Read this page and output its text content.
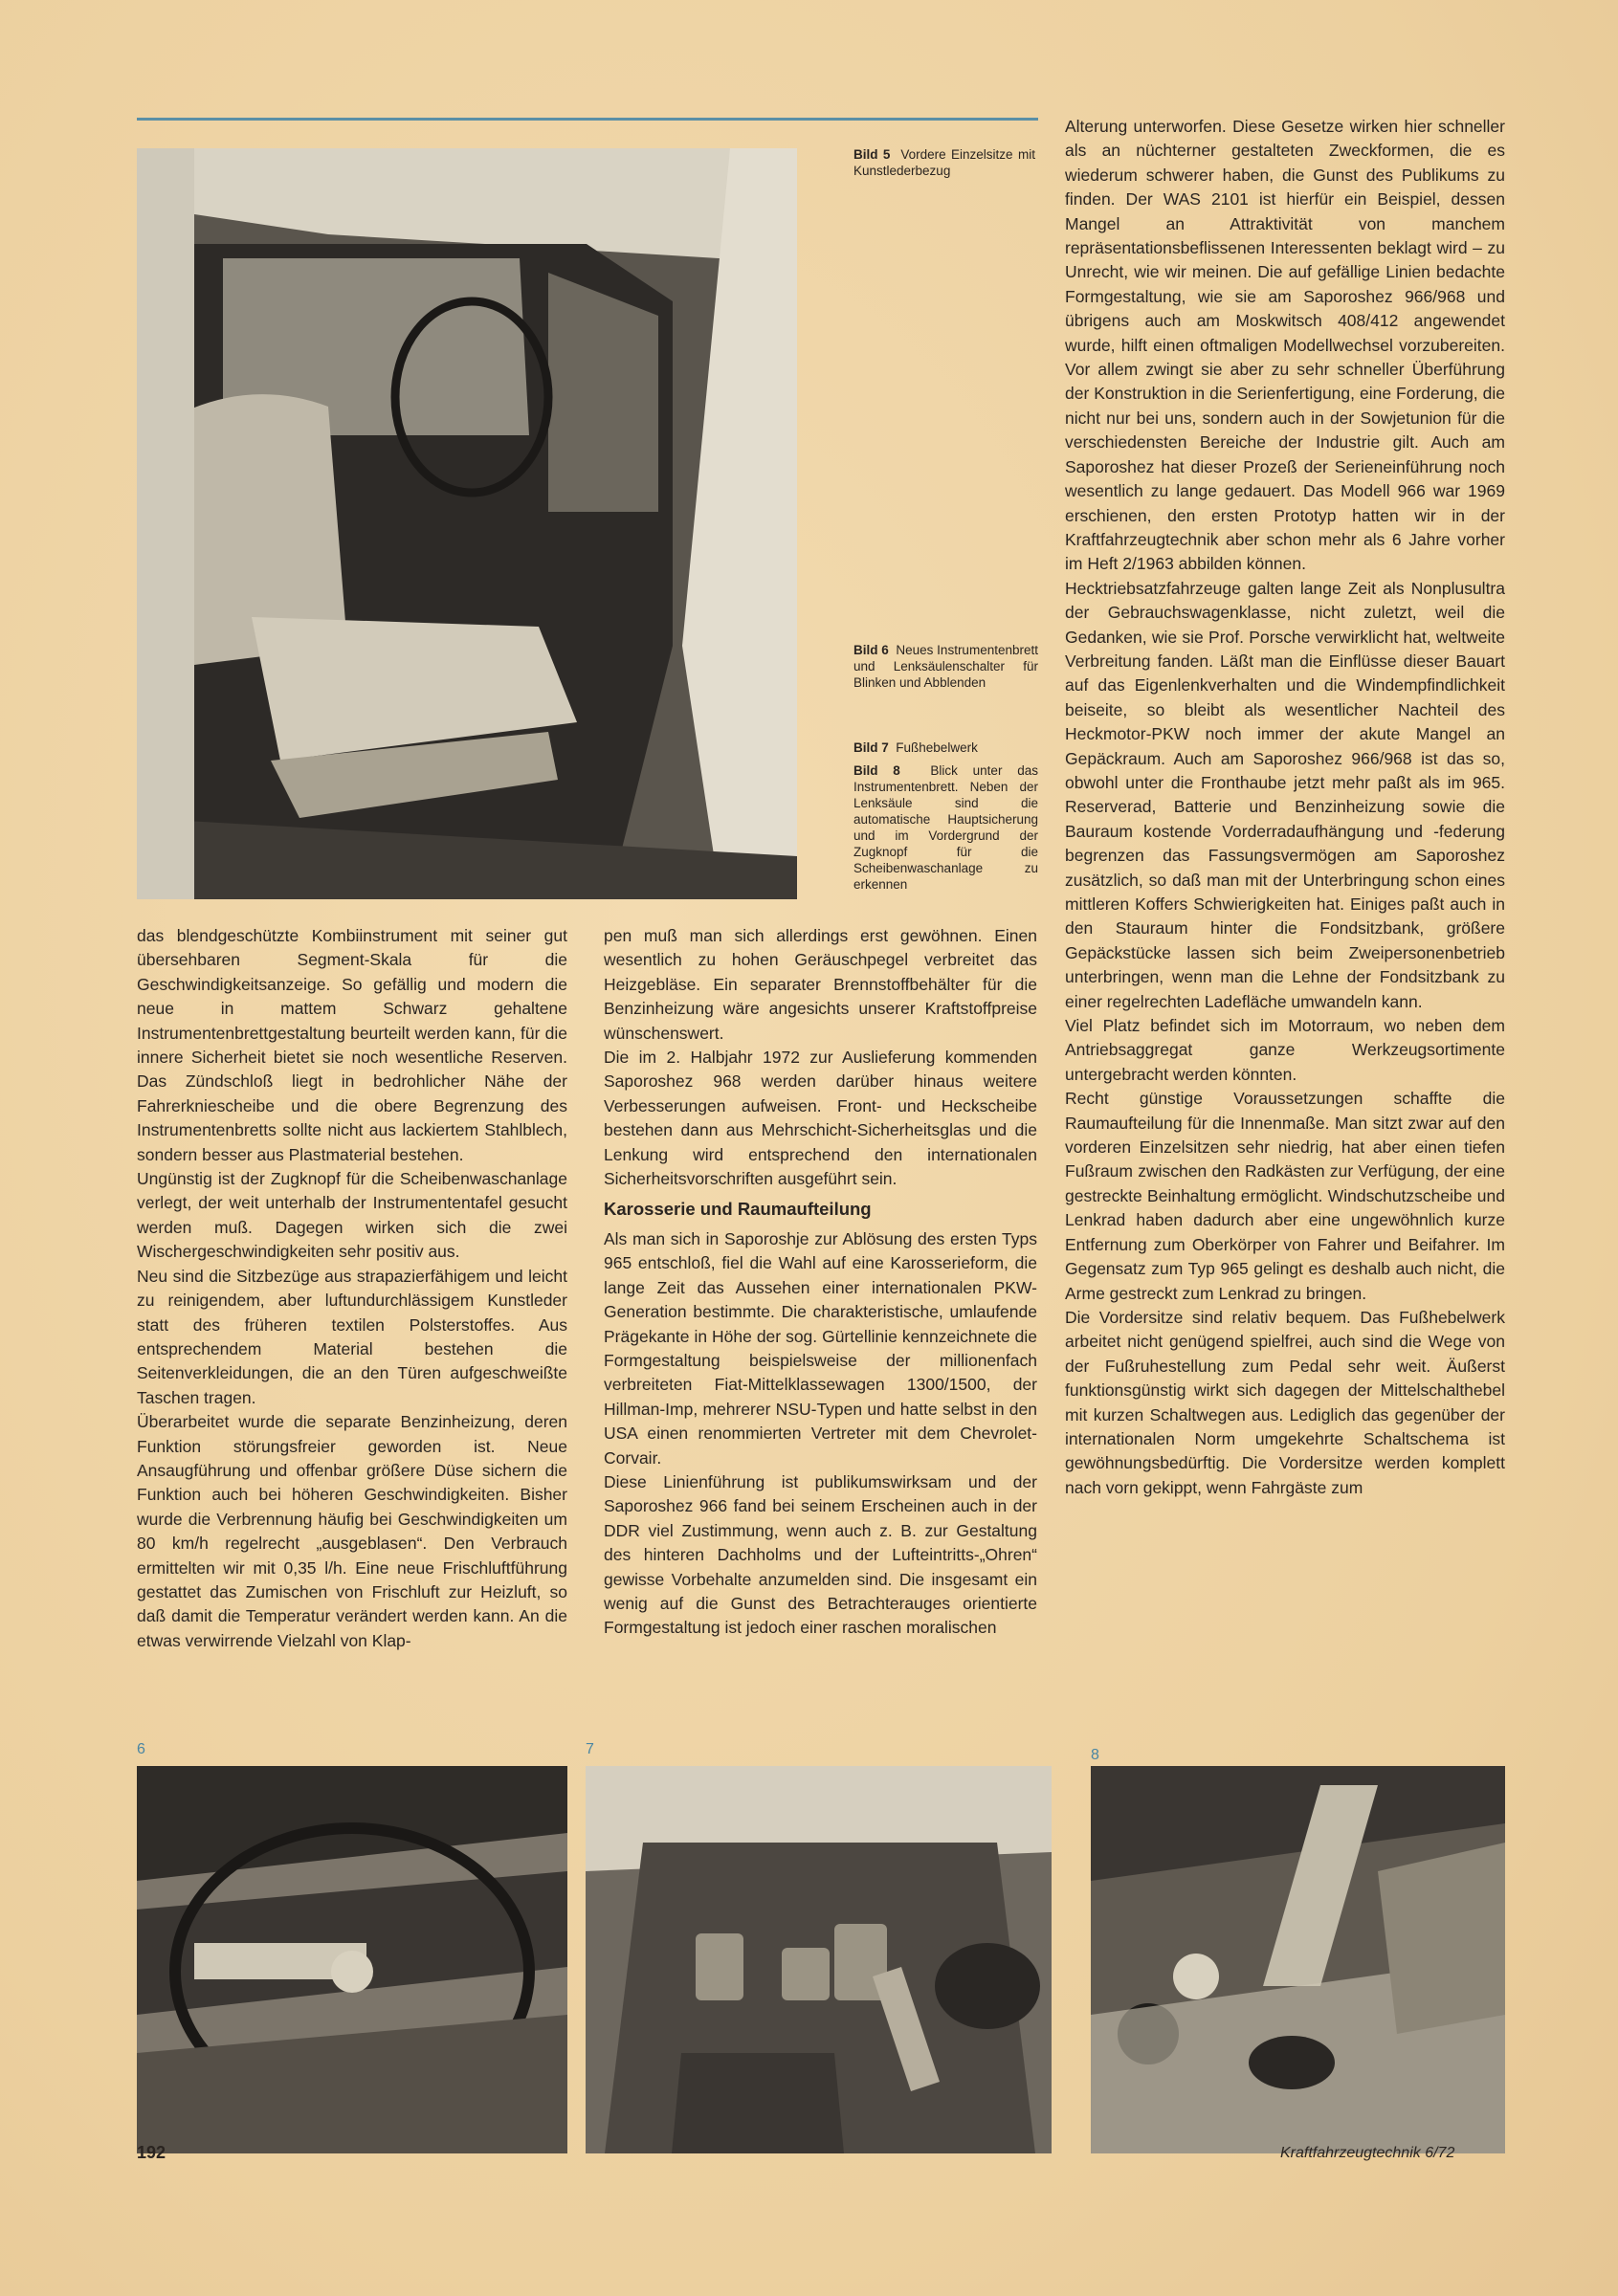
Bild 5 Vordere Einzelsitze mit Kunstlederbezug
Bild 6 Neues Instrumentenbrett und Lenksäulenschalter für Blinken und Abblenden
Bild 7 Fußhebelwerk
Bild 8 Blick unter das Instrumentenbrett. Neben der Lenksäule sind die automatische Hauptsicherung und im Vordergrund der Zugknopf für die Scheibenwaschanlage zu erkennen

das blendgeschützte Kombiinstrument mit seiner gut übersehbaren Segment-Skala für die Geschwindigkeitsanzeige. So gefällig und modern die neue in mattem Schwarz gehaltene Instrumentenbrettgestaltung beurteilt werden kann, für die innere Sicherheit bietet sie noch wesentliche Reserven. Das Zündschloß liegt in bedrohlicher Nähe der Fahrerkniescheibe und die obere Begrenzung des Instrumentenbretts sollte nicht aus lackiertem Stahlblech, sondern besser aus Plastmaterial bestehen.

Ungünstig ist der Zugknopf für die Scheibenwaschanlage verlegt, der weit unterhalb der Instrumententafel gesucht werden muß. Dagegen wirken sich die zwei Wischergeschwindigkeiten sehr positiv aus.

Neu sind die Sitzbezüge aus strapazierfähigem und leicht zu reinigendem, aber luftundurchlässigem Kunstleder statt des früheren textilen Polsterstoffes. Aus entsprechendem Material bestehen die Seitenverkleidungen, die an den Türen aufgeschweißte Taschen tragen.

Überarbeitet wurde die separate Benzinheizung, deren Funktion störungsfreier geworden ist. Neue Ansaugführung und offenbar größere Düse sichern die Funktion auch bei höheren Geschwindigkeiten. Bisher wurde die Verbrennung häufig bei Geschwindigkeiten um 80 km/h regelrecht „ausgeblasen“. Den Verbrauch ermittelten wir mit 0,35 l/h. Eine neue Frischluftführung gestattet das Zumischen von Frischluft zur Heizluft, so daß damit die Temperatur verändert werden kann. An die etwas verwirrende Vielzahl von Klap-

pen muß man sich allerdings erst gewöhnen. Einen wesentlich zu hohen Geräuschpegel verbreitet das Heizgebläse. Ein separater Brennstoffbehälter für die Benzinheizung wäre angesichts unserer Kraftstoffpreise wünschenswert.

Die im 2. Halbjahr 1972 zur Auslieferung kommenden Saporoshez 968 werden darüber hinaus weitere Verbesserungen aufweisen. Front- und Heckscheibe bestehen dann aus Mehrschicht-Sicherheitsglas und die Lenkung wird entsprechend den internationalen Sicherheitsvorschriften ausgeführt sein.

Karosserie und Raumaufteilung

Als man sich in Saporoshje zur Ablösung des ersten Typs 965 entschloß, fiel die Wahl auf eine Karosserieform, die lange Zeit das Aussehen einer internationalen PKW-Generation bestimmte. Die charakteristische, umlaufende Prägekante in Höhe der sog. Gürtellinie kennzeichnete die Formgestaltung beispielsweise der millionenfach verbreiteten Fiat-Mittelklassewagen 1300/1500, der Hillman-Imp, mehrerer NSU-Typen und hatte selbst in den USA einen renommierten Vertreter mit dem Chevrolet-Corvair.

Diese Linienführung ist publikumswirksam und der Saporoshez 966 fand bei seinem Erscheinen auch in der DDR viel Zustimmung, wenn auch z. B. zur Gestaltung des hinteren Dachholms und der Lufteintritts-„Ohren“ gewisse Vorbehalte anzumelden sind. Die insgesamt ein wenig auf die Gunst des Betrachterauges orientierte Formgestaltung ist jedoch einer raschen moralischen

Alterung unterworfen. Diese Gesetze wirken hier schneller als an nüchterner gestalteten Zweckformen, die es wiederum schwerer haben, die Gunst des Publikums zu finden. Der WAS 2101 ist hierfür ein Beispiel, dessen Mangel an Attraktivität von manchem repräsentationsbeflissenen Interessenten beklagt wird – zu Unrecht, wie wir meinen. Die auf gefällige Linien bedachte Formgestaltung, wie sie am Saporoshez 966/968 und übrigens auch am Moskwitsch 408/412 angewendet wurde, hilft einen oftmaligen Modellwechsel vorzubereiten. Vor allem zwingt sie aber zu sehr schneller Überführung der Konstruktion in die Serienfertigung, eine Forderung, die nicht nur bei uns, sondern auch in der Sowjetunion für die verschiedensten Bereiche der Industrie gilt. Auch am Saporoshez hat dieser Prozeß der Serieneinführung noch wesentlich zu lange gedauert. Das Modell 966 war 1969 erschienen, den ersten Prototyp hatten wir in der Kraftfahrzeugtechnik aber schon mehr als 6 Jahre vorher im Heft 2/1963 abbilden können.

Hecktriebsatzfahrzeuge galten lange Zeit als Nonplusultra der Gebrauchswagenklasse, nicht zuletzt, weil die Gedanken, wie sie Prof. Porsche verwirklicht hat, weltweite Verbreitung fanden. Läßt man die Einflüsse dieser Bauart auf das Eigenlenkverhalten und die Windempfindlichkeit beiseite, so bleibt als wesentlicher Nachteil des Heckmotor-PKW noch immer der akute Mangel an Gepäckraum. Auch am Saporoshez 966/968 ist das so, obwohl unter die Fronthaube jetzt mehr paßt als im 965. Reserverad, Batterie und Benzinheizung sowie die Bauraum kostende Vorderradaufhängung und -federung begrenzen das Fassungsvermögen am Saporoshez zusätzlich, so daß man mit der Unterbringung schon eines mittleren Koffers Schwierigkeiten hat. Einiges paßt auch in den Stauraum hinter die Fondsitzbank, größere Gepäckstücke lassen sich beim Zweipersonenbetrieb unterbringen, wenn man die Lehne der Fondsitzbank zu einer regelrechten Ladefläche umwandeln kann.

Viel Platz befindet sich im Motorraum, wo neben dem Antriebsaggregat ganze Werkzeugsortimente untergebracht werden könnten.

Recht günstige Voraussetzungen schaffte die Raumaufteilung für die Innenmaße. Man sitzt zwar auf den vorderen Einzelsitzen sehr niedrig, hat aber einen tiefen Fußraum zwischen den Radkästen zur Verfügung, der eine gestreckte Beinhaltung ermöglicht. Windschutzscheibe und Lenkrad haben dadurch aber eine ungewöhnlich kurze Entfernung zum Oberkörper von Fahrer und Beifahrer. Im Gegensatz zum Typ 965 gelingt es deshalb auch nicht, die Arme gestreckt zum Lenkrad zu bringen.

Die Vordersitze sind relativ bequem. Das Fußhebelwerk arbeitet nicht genügend spielfrei, auch sind die Wege von der Fußruhestellung zum Pedal sehr weit. Äußerst funktionsgünstig wirkt sich dagegen der Mittelschalthebel mit kurzen Schaltwegen aus. Lediglich das gegenüber der internationalen Norm umgekehrte Schaltschema ist gewöhnungsbedürftig. Die Vordersitze werden komplett nach vorn gekippt, wenn Fahrgäste zum

6	7	8
192	Kraftfahrzeugtechnik 6/72
